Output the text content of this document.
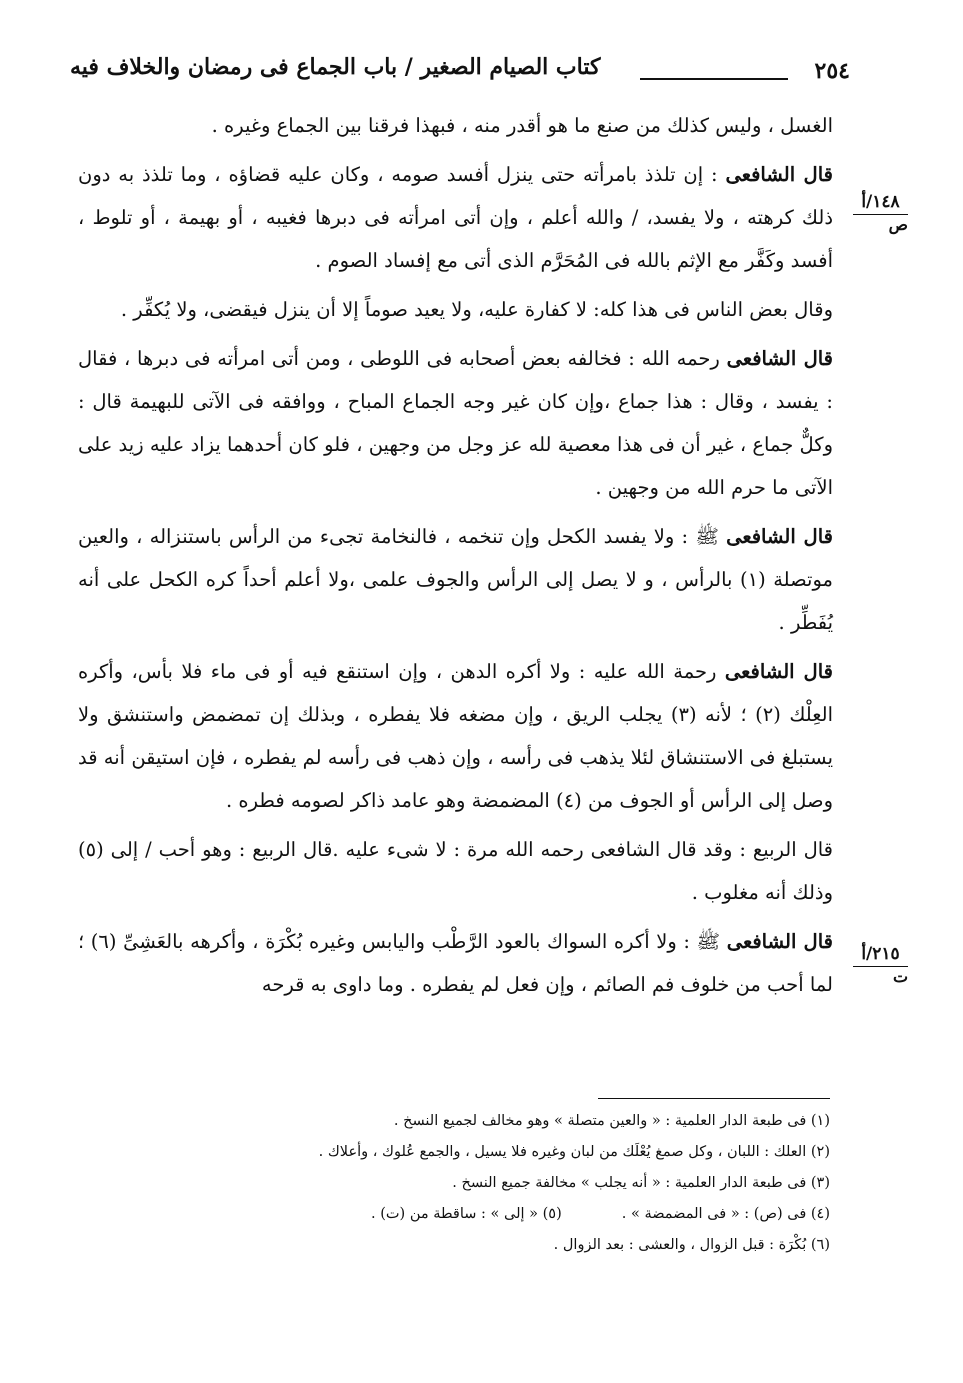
٢٥٤
كتاب الصيام الصغير / باب الجماع فى رمضان والخلاف فيه
١٤٨/أ
ص
٢١٥/أ
ت

الغسل ، وليس كذلك من صنع ما هو أقدر منه ، فبهذا فرقنا بين الجماع وغيره .

قال الشافعى : إن تلذذ بامرأته حتى ينزل أفسد صومه ، وكان عليه قضاؤه ، وما تلذذ به دون ذلك كرهته ، ولا يفسد، / والله أعلم ، وإن أتى امرأته فى دبرها فغيبه ، أو بهيمة ، أو تلوط ، أفسد وكَفَّر مع الإثم بالله فى المُحَرَّم الذى أتى مع إفساد الصوم .

وقال بعض الناس فى هذا كله: لا كفارة عليه، ولا يعيد صوماً إلا أن ينزل فيقضى، ولا يُكفِّر .

قال الشافعى رحمه الله : فخالفه بعض أصحابه فى اللوطى ، ومن أتى امرأته فى دبرها ، فقال : يفسد ، وقال : هذا جماع ،وإن كان غير وجه الجماع المباح ، ووافقه فى الآتى للبهيمة قال : وكلٌّ جماع ، غير أن فى هذا معصية لله عز وجل من وجهين ، فلو كان أحدهما يزاد عليه زيد على الآتى ما حرم الله من وجهين .

قال الشافعى ﷺ : ولا يفسد الكحل وإن تنخمه ، فالنخامة تجىء من الرأس باستنزاله ، والعين موتصلة (١) بالرأس ، و لا يصل إلى الرأس والجوف علمى ،ولا أعلم أحداً كره الكحل على أنه يُفَطِّر .

قال الشافعى رحمة الله عليه : ولا أكره الدهن ، وإن استنقع فيه أو فى ماء فلا بأس، وأكره العِلْك (٢) ؛ لأنه (٣) يجلب الريق ، وإن مضغه فلا يفطره ، وبذلك إن تمضمض واستنشق ولا يستبلغ فى الاستنشاق لئلا يذهب فى رأسه ، وإن ذهب فى رأسه لم يفطره ، فإن استيقن أنه قد وصل إلى الرأس أو الجوف من (٤) المضمضة وهو عامد ذاكر لصومه فطره .

قال الربيع : وقد قال الشافعى رحمه الله مرة : لا شىء عليه .قال الربيع : وهو أحب / إلى (٥) وذلك أنه مغلوب .

قال الشافعى ﷺ : ولا أكره السواك بالعود الرَّطْب واليابس وغيره بُكْرَة ، وأكرهه بالعَشِىِّ (٦) ؛ لما أحب من خلوف فم الصائم ، وإن فعل لم يفطره . وما داوى به قرحه

(١) فى طبعة الدار العلمية : « والعين متصلة » وهو مخالف لجميع النسخ .
(٢) العلك : اللبان ، وكل صمغ يُعْلَك من لبان وغيره فلا يسيل ، والجمع عُلوك ، وأعلاك .
(٣) فى طبعة الدار العلمية : « أنه يجلب » مخالفة جميع النسخ .
(٤) فى (ص) : « فى المضمضة » .
(٥) « إلى » : ساقطة من (ت) .
(٦) بُكْرَة : قبل الزوال ، والعشى : بعد الزوال .
